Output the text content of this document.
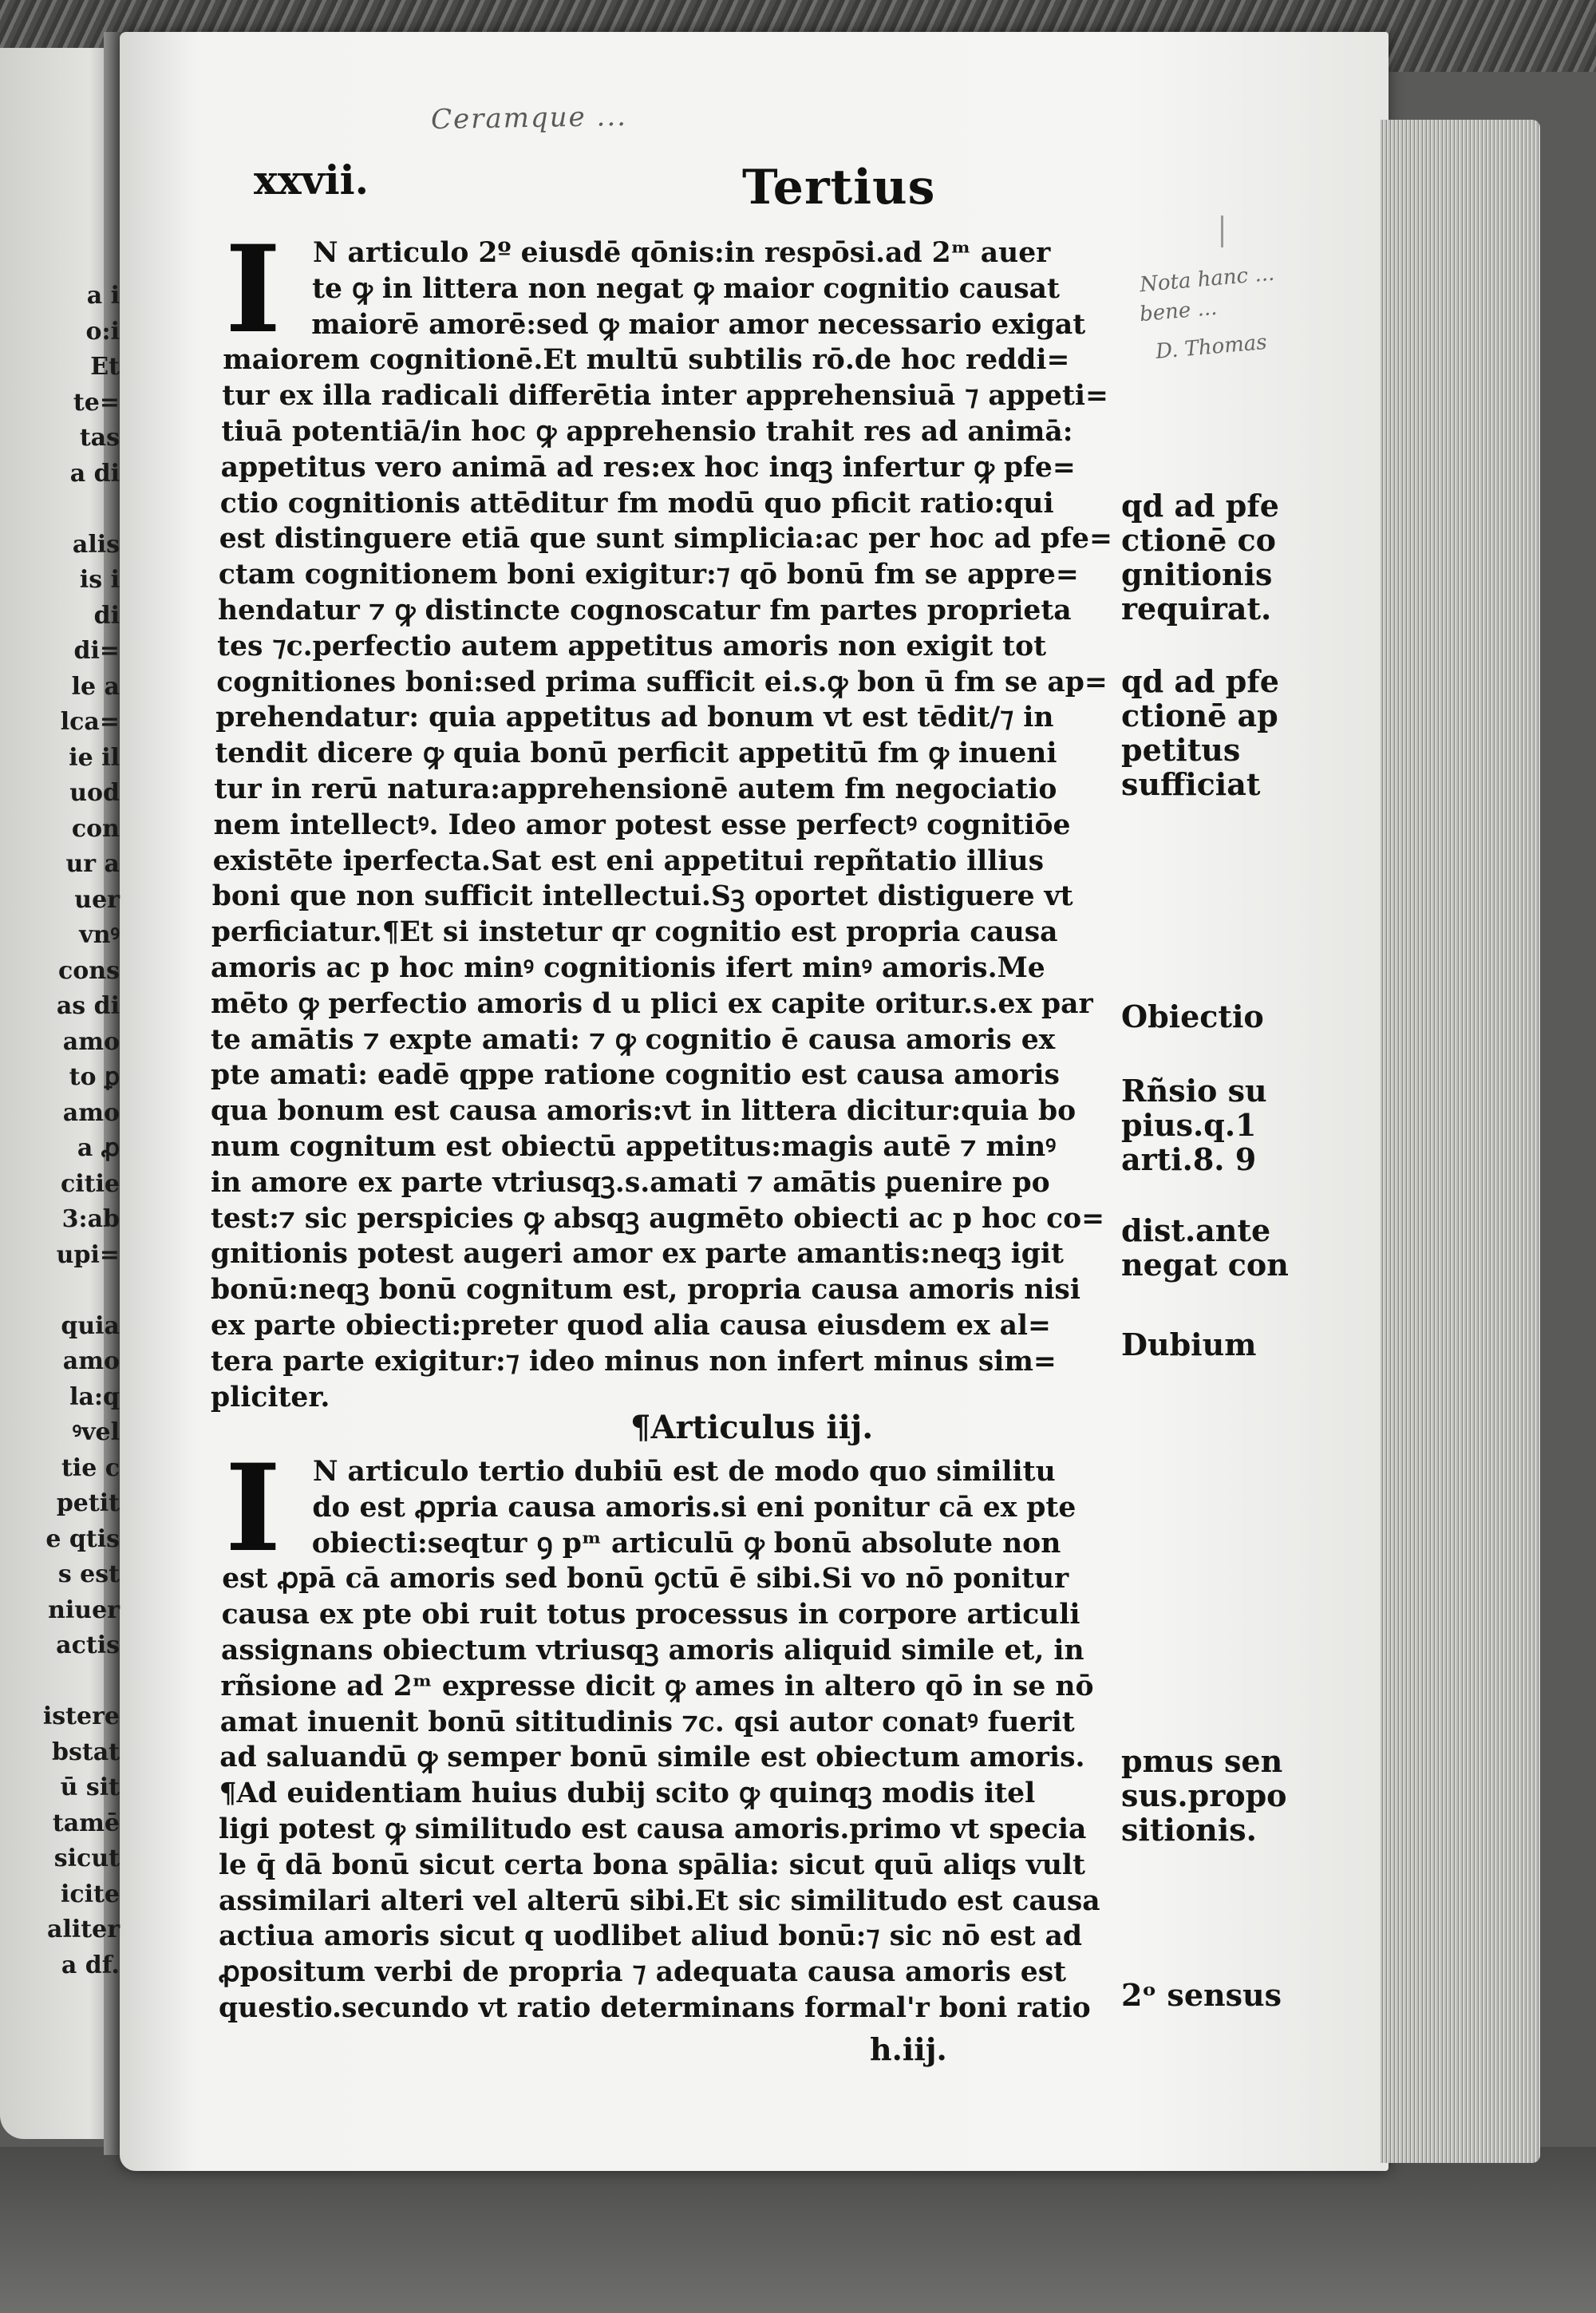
a i
o:i
Et
te=
tas
a di
alis
is i
di
di=
le a
lca=
ie il
uod
con
ur a
uer
vnꝰ
cons
as di
amo
to ꝑ
amo
a ꝓ
citie
3:ab
upi=
quia
amo
la:q
ꝰvel
tie c
petit
e qtis
s est
niuer
actis
istere
bstat
ū sit
tamē
sicut
icite
aliter
a df.
Ceramque ...
xxvii.	Tertius
I
I
N articulo 2º eiusdē qōnis:in respōsi.ad 2ᵐ auer
te ꝙ in littera non negat ꝙ maior cognitio causat
maiorē amorē:sed ꝙ maior amor necessario exigat
maiorem cognitionē.Et multū subtilis rō.de hoc reddi=
tur ex illa radicali differētia inter apprehensiuā ⁊ appeti=
tiuā potentiā/in hoc ꝙ apprehensio trahit res ad animā:
appetitus vero animā ad res:ex hoc inqꝫ infertur ꝙ pfe=
ctio cognitionis attēditur fm modū quo pficit ratio:qui
est distinguere etiā que sunt simplicia:ac per hoc ad pfe=
ctam cognitionem boni exigitur:⁊ qō bonū fm se appre=
hendatur ⁊ ꝙ distincte cognoscatur fm partes proprieta
tes ⁊c.perfectio autem appetitus amoris non exigit tot
cognitiones boni:sed prima sufficit ei.s.ꝙ bon ū fm se ap=
prehendatur: quia appetitus ad bonum vt est tēdit/⁊ in
tendit dicere ꝙ quia bonū perficit appetitū fm ꝙ inueni
tur in rerū natura:apprehensionē autem fm negociatio
nem intellectꝰ. Ideo amor potest esse perfectꝰ cognitiōe
existēte iperfecta.Sat est eni appetitui repñtatio illius
boni que non sufficit intellectui.Sꝫ oportet distiguere vt
perficiatur.¶Et si instetur qr cognitio est propria causa
amoris ac p hoc minꝰ cognitionis ifert minꝰ amoris.Me
mēto ꝙ perfectio amoris d u plici ex capite oritur.s.ex par
te amātis ⁊ expte amati: ⁊ ꝙ cognitio ē causa amoris ex
pte amati: eadē qppe ratione cognitio est causa amoris
qua bonum est causa amoris:vt in littera dicitur:quia bo
num cognitum est obiectū appetitus:magis autē ⁊ minꝰ
in amore ex parte vtriusqꝫ.s.amati ⁊ amātis ꝑuenire po
test:⁊ sic perspicies ꝙ absqꝫ augmēto obiecti ac p hoc co=
gnitionis potest augeri amor ex parte amantis:neqꝫ igit
bonū:neqꝫ bonū cognitum est, propria causa amoris nisi
ex parte obiecti:preter quod alia causa eiusdem ex al=
tera parte exigitur:⁊ ideo minus non infert minus sim=
pliciter.
¶Articulus iij.
N articulo tertio dubiū est de modo quo similitu
do est ꝓpria causa amoris.si eni ponitur cā ex pte
obiecti:seqtur ꝯ pᵐ articulū ꝙ bonū absolute non
est ꝓpā cā amoris sed bonū ꝯctū ē sibi.Si vo nō ponitur
causa ex pte obi ruit totus processus in corpore articuli
assignans obiectum vtriusqꝫ amoris aliquid simile et, in
rñsione ad 2ᵐ expresse dicit ꝙ ames in altero qō in se nō
amat inuenit bonū sititudinis ⁊c. qsi autor conatꝰ fuerit
ad saluandū ꝙ semper bonū simile est obiectum amoris.
¶Ad euidentiam huius dubij scito ꝙ quinqꝫ modis itel
ligi potest ꝙ similitudo est causa amoris.primo vt specia
le q̄ dā bonū sicut certa bona spālia: sicut quū aliqs vult
assimilari alteri vel alterū sibi.Et sic similitudo est causa
actiua amoris sicut q uodlibet aliud bonū:⁊ sic nō est ad
ꝓpositum verbi de propria ⁊ adequata causa amoris est
questio.secundo vt ratio determinans formal'r boni ratio
qd ad pfe
ctionē co
gnitionis
requirat.
qd ad pfe
ctionē ap
petitus
sufficiat
Obiectio
Rñsio su
pius.q.1
arti.8. 9
dist.ante
negat con
Dubium
pmus sen
sus.propo
sitionis.
2ᵒ sensus
Nota hanc ...
bene ...
D. Thomas
h.iij.
